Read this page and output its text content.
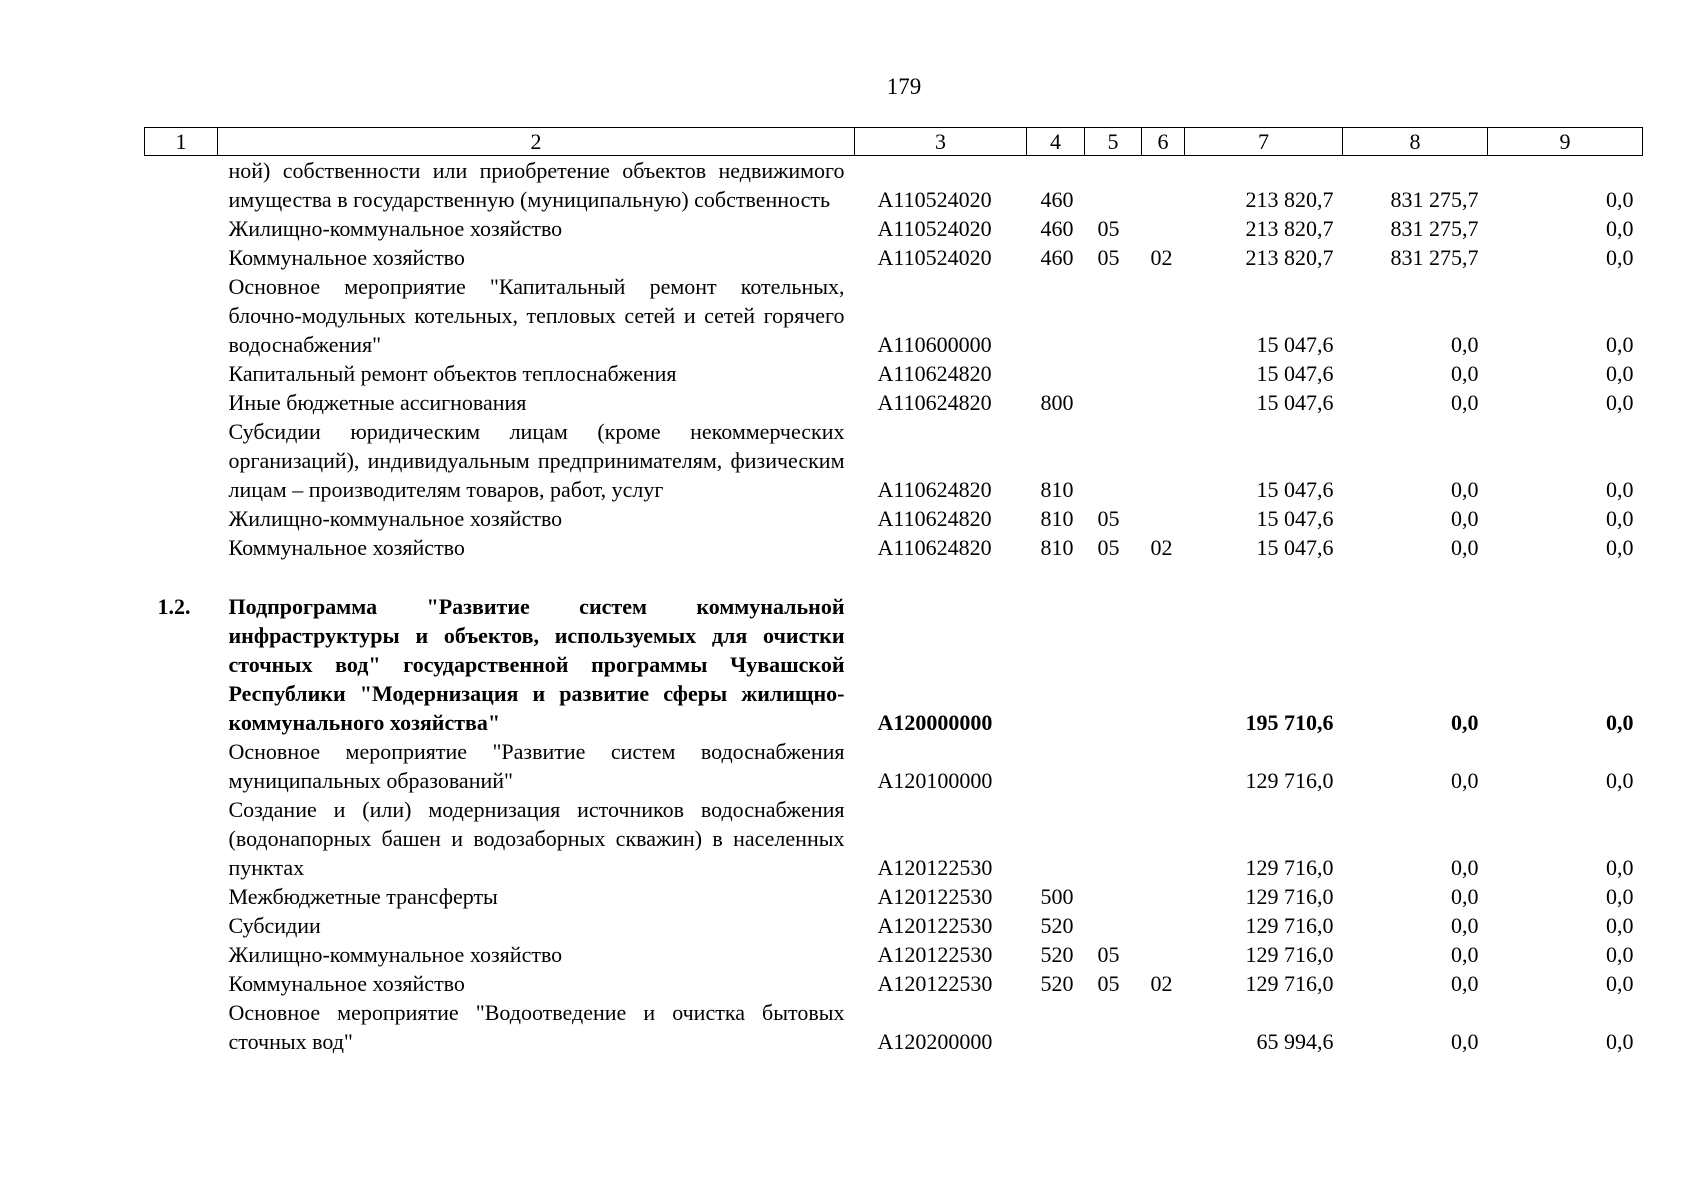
179
1	2	3	4	5	6	7	8	9
	ной) собственности или приобретение объектов недвижимого имущества в государственную (муниципальную) собственность	А110524020	460			213 820,7	831 275,7	0,0
	Жилищно-коммунальное хозяйство	А110524020	460	05		213 820,7	831 275,7	0,0
	Коммунальное хозяйство	А110524020	460	05	02	213 820,7	831 275,7	0,0
	Основное мероприятие "Капитальный ремонт котельных, блочно-модульных котельных, тепловых сетей и сетей горячего водоснабжения"	А110600000				15 047,6	0,0	0,0
	Капитальный ремонт объектов теплоснабжения	А110624820				15 047,6	0,0	0,0
	Иные бюджетные ассигнования	А110624820	800			15 047,6	0,0	0,0
	Субсидии юридическим лицам (кроме некоммерческих организаций), индивидуальным предпринимателям, физическим лицам – производителям товаров, работ, услуг	А110624820	810			15 047,6	0,0	0,0
	Жилищно-коммунальное хозяйство	А110624820	810	05		15 047,6	0,0	0,0
	Коммунальное хозяйство	А110624820	810	05	02	15 047,6	0,0	0,0

1.2.	Подпрограмма "Развитие систем коммунальной инфраструктуры и объектов, используемых для очистки сточных вод" государственной программы Чувашской Республики "Модернизация и развитие сферы жилищно-коммунального хозяйства"	А120000000				195 710,6	0,0	0,0
	Основное мероприятие "Развитие систем водоснабжения муниципальных образований"	А120100000				129 716,0	0,0	0,0
	Создание и (или) модернизация источников водоснабжения (водонапорных башен и водозаборных скважин) в населенных пунктах	А120122530				129 716,0	0,0	0,0
	Межбюджетные трансферты	А120122530	500			129 716,0	0,0	0,0
	Субсидии	А120122530	520			129 716,0	0,0	0,0
	Жилищно-коммунальное хозяйство	А120122530	520	05		129 716,0	0,0	0,0
	Коммунальное хозяйство	А120122530	520	05	02	129 716,0	0,0	0,0
	Основное мероприятие "Водоотведение и очистка бытовых сточных вод"	А120200000				65 994,6	0,0	0,0
